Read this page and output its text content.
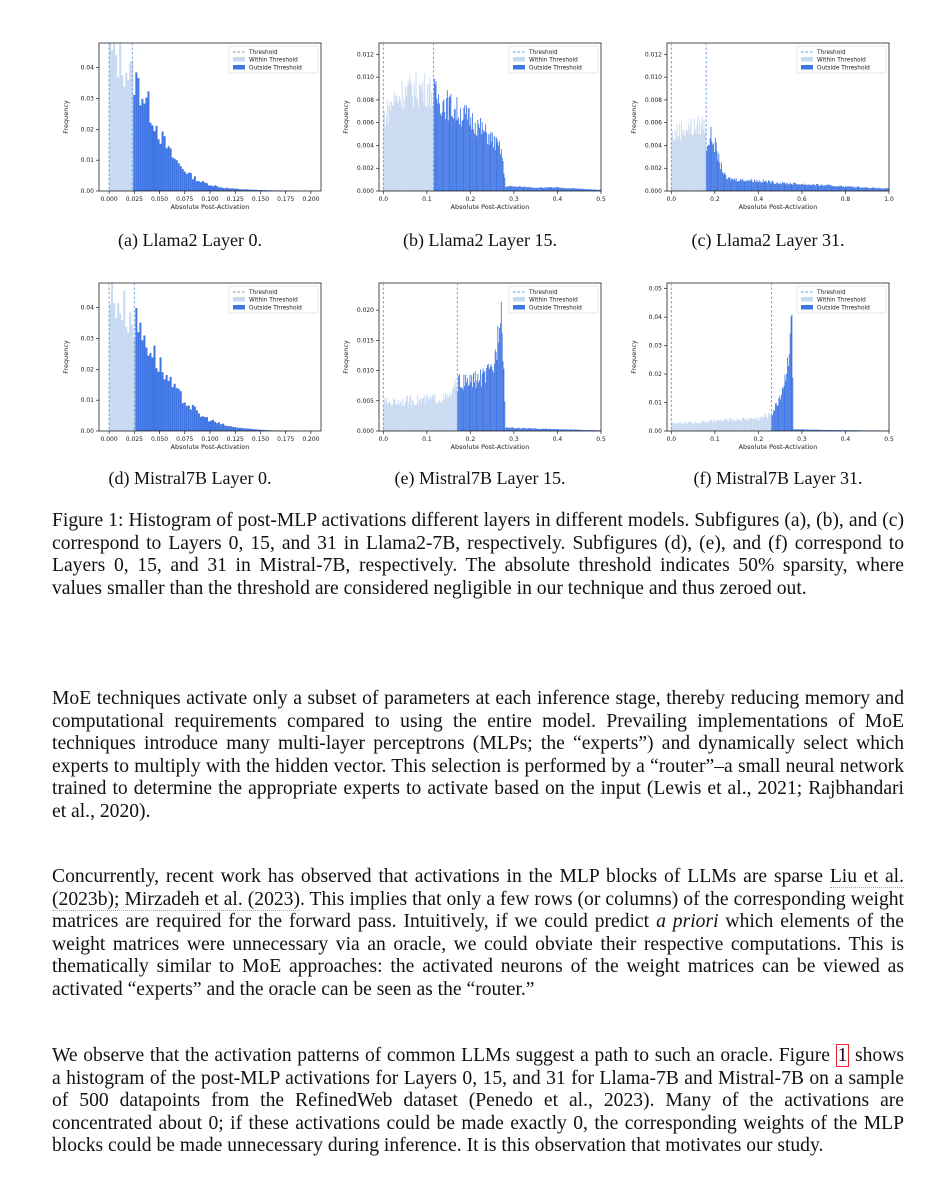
0.000 0.025 0.050 0.075 0.100 0.125 0.150 0.175 0.200
0.00
0.01
0.02
0.03
0.04
Absolute Post-Activation
Frequency
Threshold
Within Threshold
Outside Threshold
0.0	0.1	0.2	0.3	0.4	0.5
0.000
0.002
0.004
0.006
0.008
0.010
0.012
Absolute Post-Activation
Frequency
Threshold
Within Threshold
Outside Threshold
0.0	0.2	0.4	0.6	0.8	1.0
0.000
0.002
0.004
0.006
0.008
0.010
0.012
Absolute Post-Activation
Frequency
Threshold
Within Threshold
Outside Threshold
0.000 0.025 0.050 0.075 0.100 0.125 0.150 0.175 0.200
0.00
0.01
0.02
0.03
0.04
Absolute Post-Activation
Frequency
Threshold
Within Threshold
Outside Threshold
0.0	0.1	0.2	0.3	0.4	0.5
0.000
0.005
0.010
0.015
0.020
Absolute Post-Activation
Frequency
Threshold
Within Threshold
Outside Threshold
0.0	0.1	0.2	0.3	0.4	0.5
0.00
0.01
0.02
0.03
0.04
0.05
Absolute Post-Activation
Frequency
Threshold
Within Threshold
Outside Threshold
(a) Llama2 Layer 0.	(b) Llama2 Layer 15.	(c) Llama2 Layer 31.
(d) Mistral7B Layer 0.	(e) Mistral7B Layer 15.	(f) Mistral7B Layer 31.

Figure 1: Histogram of post-MLP activations different layers in different models. Subfigures (a), (b), and (c) correspond to Layers 0, 15, and 31 in Llama2-7B, respectively. Subfigures (d), (e), and (f) correspond to Layers 0, 15, and 31 in Mistral-7B, respectively. The absolute threshold indicates 50% sparsity, where values smaller than the threshold are considered negligible in our technique and thus zeroed out.

MoE techniques activate only a subset of parameters at each inference stage, thereby reducing memory and computational requirements compared to using the entire model. Prevailing implementations of MoE techniques introduce many multi-layer perceptrons (MLPs; the “experts”) and dynamically select which experts to multiply with the hidden vector. This selection is performed by a “router”–a small neural network trained to determine the appropriate experts to activate based on the input (Lewis et al., 2021; Rajbhandari et al., 2020).

Concurrently, recent work has observed that activations in the MLP blocks of LLMs are sparse Liu et al. (2023b); Mirzadeh et al. (2023). This implies that only a few rows (or columns) of the corresponding weight matrices are required for the forward pass. Intuitively, if we could predict a priori which elements of the weight matrices were unnecessary via an oracle, we could obviate their respective computations. This is thematically similar to MoE approaches: the activated neurons of the weight matrices can be viewed as activated “experts” and the oracle can be seen as the “router.”

We observe that the activation patterns of common LLMs suggest a path to such an oracle. Figure 1 shows a histogram of the post-MLP activations for Layers 0, 15, and 31 for Llama-7B and Mistral-7B on a sample of 500 datapoints from the RefinedWeb dataset (Penedo et al., 2023). Many of the activations are concentrated about 0; if these activations could be made exactly 0, the corresponding weights of the MLP blocks could be made unnecessary during inference. It is this observation that motivates our study.
